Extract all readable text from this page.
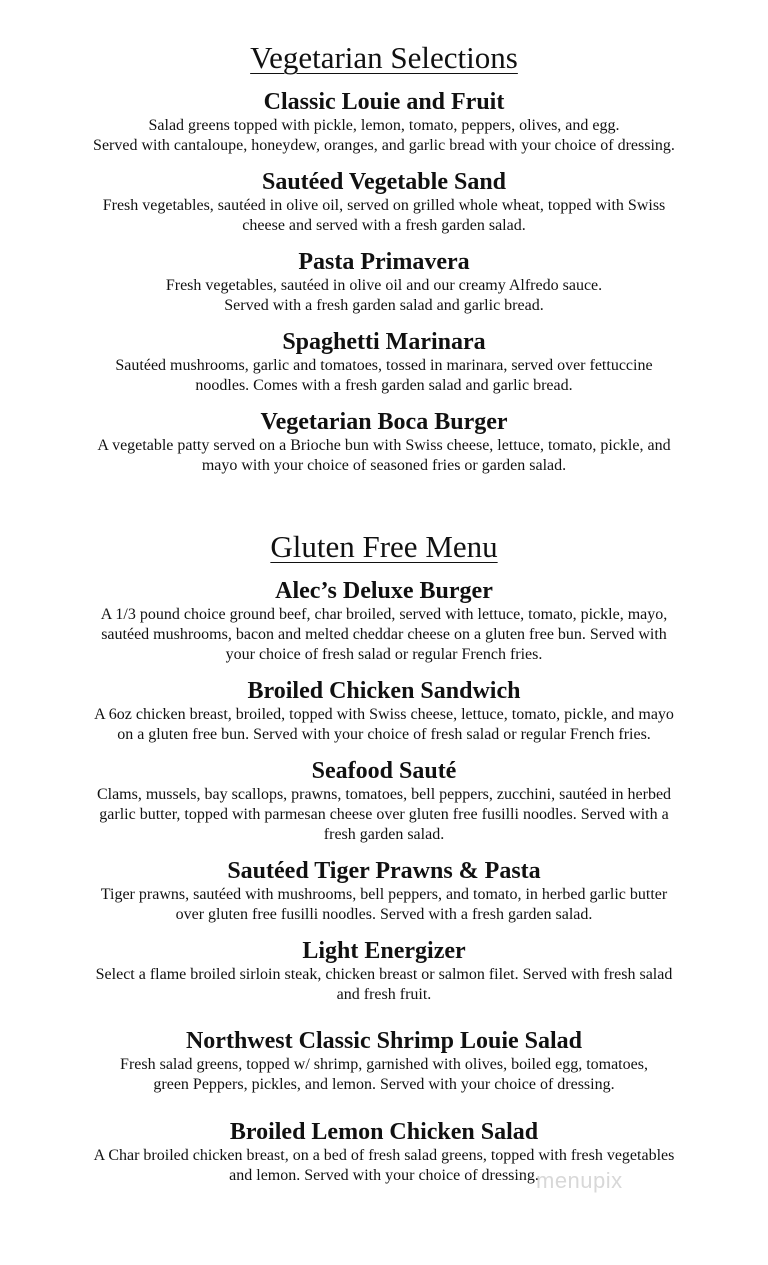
Vegetarian Selections
Classic Louie and Fruit

Salad greens topped with pickle, lemon, tomato, peppers, olives, and egg.
Served with cantaloupe, honeydew, oranges, and garlic bread with your choice of dressing.

Sautéed Vegetable Sand

Fresh vegetables, sautéed in olive oil, served on grilled whole wheat, topped with Swiss
cheese and served with a fresh garden salad.

Pasta Primavera

Fresh vegetables, sautéed in olive oil and our creamy Alfredo sauce.
Served with a fresh garden salad and garlic bread.

Spaghetti Marinara

Sautéed mushrooms, garlic and tomatoes, tossed in marinara, served over fettuccine
noodles. Comes with a fresh garden salad and garlic bread.

Vegetarian Boca Burger

A vegetable patty served on a Brioche bun with Swiss cheese, lettuce, tomato, pickle, and
mayo with your choice of seasoned fries or garden salad.

Gluten Free Menu
Alec’s Deluxe Burger

A 1/3 pound choice ground beef, char broiled, served with lettuce, tomato, pickle, mayo,
sautéed mushrooms, bacon and melted cheddar cheese on a gluten free bun. Served with
your choice of fresh salad or regular French fries.

Broiled Chicken Sandwich

A 6oz chicken breast, broiled, topped with Swiss cheese, lettuce, tomato, pickle, and mayo
on a gluten free bun. Served with your choice of fresh salad or regular French fries.

Seafood Sauté

Clams, mussels, bay scallops, prawns, tomatoes, bell peppers, zucchini, sautéed in herbed
garlic butter, topped with parmesan cheese over gluten free fusilli noodles. Served with a
fresh garden salad.

Sautéed Tiger Prawns & Pasta

Tiger prawns, sautéed with mushrooms, bell peppers, and tomato, in herbed garlic butter
over gluten free fusilli noodles. Served with a fresh garden salad.

Light Energizer

Select a flame broiled sirloin steak, chicken breast or salmon filet. Served with fresh salad
and fresh fruit.

Northwest Classic Shrimp Louie Salad

Fresh salad greens, topped w/ shrimp, garnished with olives, boiled egg, tomatoes,
green Peppers, pickles, and lemon. Served with your choice of dressing.

Broiled Lemon Chicken Salad

A Char broiled chicken breast, on a bed of fresh salad greens, topped with fresh vegetables
and lemon. Served with your choice of dressing.

menupix
